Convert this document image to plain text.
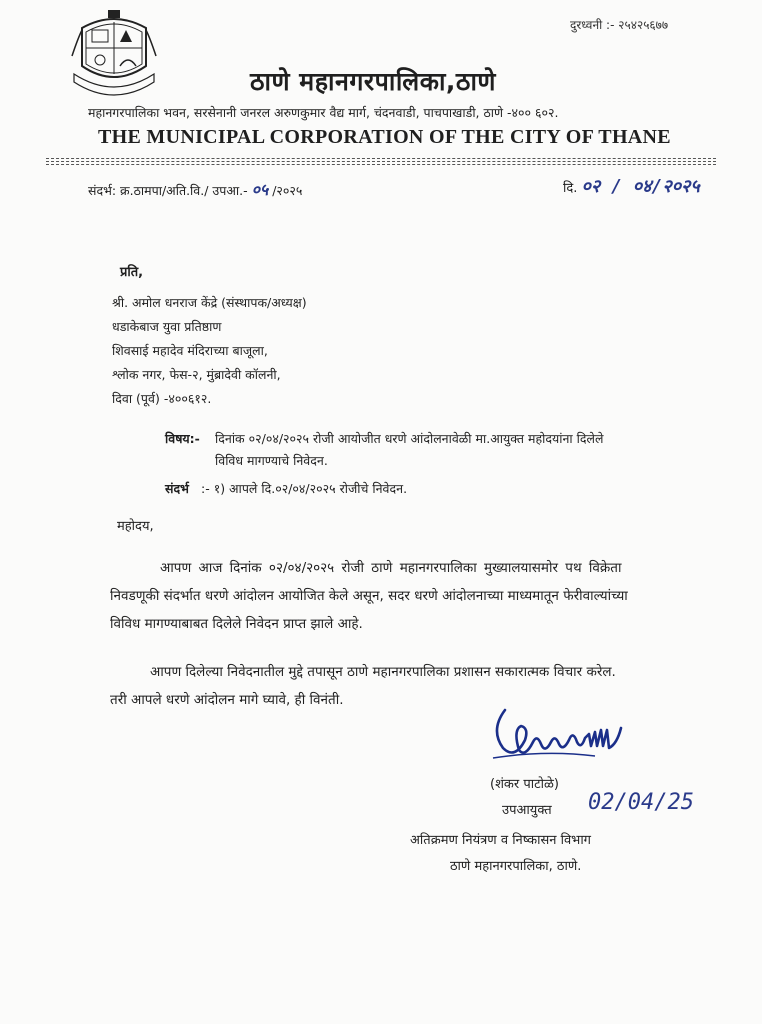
दुरध्वनी :- २५४२५६७७
ठाणे महानगरपालिका,ठाणे
महानगरपालिका भवन, सरसेनानी जनरल अरुणकुमार वैद्य मार्ग, चंदनवाडी, पाचपाखाडी, ठाणे -४०० ६०२.
THE MUNICIPAL CORPORATION OF THE CITY OF THANE
संदर्भ: क्र.ठामपा/अति.वि./ उपआ.- ०५ /२०२५	दि. ०२ / ०४/२०२५
प्रति,
श्री. अमोल धनराज केंद्रे (संस्थापक/अध्यक्ष)
धडाकेबाज युवा प्रतिष्ठाण
शिवसाई महादेव मंदिराच्या बाजूला,
श्लोक नगर, फेस-२, मुंब्रादेवी कॉलनी,
दिवा (पूर्व) -४००६१२.
विषय:- दिनांक ०२/०४/२०२५ रोजी आयोजीत धरणे आंदोलनावेळी मा.आयुक्त महोदयांना दिलेले
विविध मागण्याचे निवेदन.
संदर्भ :- १) आपले दि.०२/०४/२०२५ रोजीचे निवेदन.
महोदय,
आपण आज दिनांक ०२/०४/२०२५ रोजी ठाणे महानगरपालिका मुख्यालयासमोर पथ विक्रेता
निवडणूकी संदर्भात धरणे आंदोलन आयोजित केले असून, सदर धरणे आंदोलनाच्या माध्यमातून फेरीवाल्यांच्या
विविध मागण्याबाबत दिलेले निवेदन प्राप्त झाले आहे.
आपण दिलेल्या निवेदनातील मुद्दे तपासून ठाणे महानगरपालिका प्रशासन सकारात्मक विचार करेल.
तरी आपले धरणे आंदोलन मागे घ्यावे, ही विनंती.
(शंकर पाटोळे)
उपआयुक्त 02/04/25
अतिक्रमण नियंत्रण व निष्कासन विभाग
ठाणे महानगरपालिका, ठाणे.
